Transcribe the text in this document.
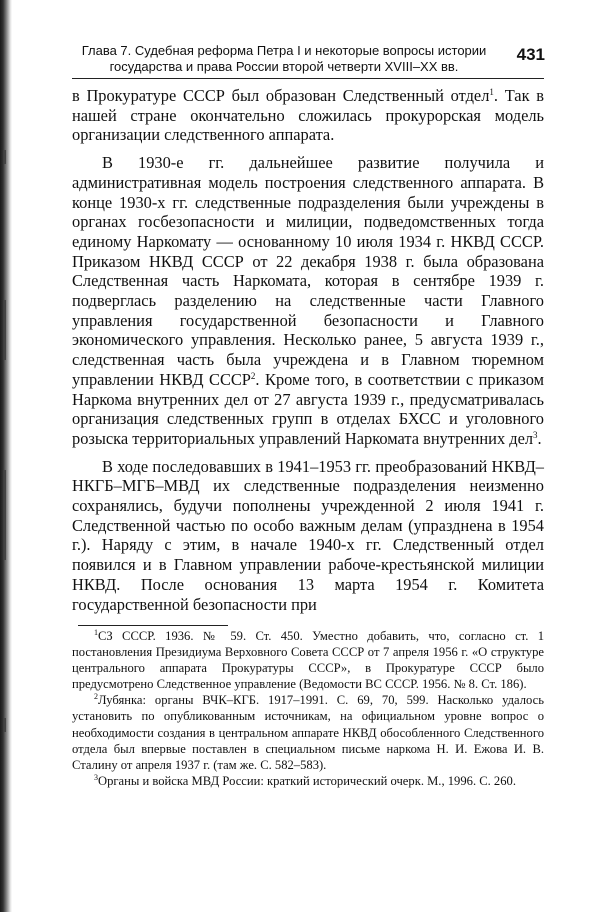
Глава 7. Судебная реформа Петра I и некоторые вопросы истории
государства и права России второй четверти XVIII–XX вв.
431

в Прокуратуре СССР был образован Следственный отдел$^1$. Так в нашей стране окончательно сложилась прокурорская модель организации следственного аппарата.

В 1930-е гг. дальнейшее развитие получила и административная модель построения следственного аппарата. В конце 1930-х гг. следственные подразделения были учреждены в органах госбезопасности и милиции, подведомственных тогда единому Наркомату — основанному 10 июля 1934 г. НКВД СССР. Приказом НКВД СССР от 22 декабря 1938 г. была образована Следственная часть Наркомата, которая в сентябре 1939 г. подверглась разделению на следственные части Главного управления государственной безопасности и Главного экономического управления. Несколько ранее, 5 августа 1939 г., следственная часть была учреждена и в Главном тюремном управлении НКВД СССР$^2$. Кроме того, в соответствии с приказом Наркома внутренних дел от 27 августа 1939 г., предусматривалась организация следственных групп в отделах БХСС и уголовного розыска территориальных управлений Наркомата внутренних дел$^3$.

В ходе последовавших в 1941–1953 гг. преобразований НКВД–НКГБ–МГБ–МВД их следственные подразделения неизменно сохранялись, будучи пополнены учрежденной 2 июля 1941 г. Следственной частью по особо важным делам (упразднена в 1954 г.). Наряду с этим, в начале 1940-х гг. Следственный отдел появился и в Главном управлении рабоче-крестьянской милиции НКВД. После основания 13 марта 1954 г. Комитета государственной безопасности при

$^1$СЗ СССР. 1936. № 59. Ст. 450. Уместно добавить, что, согласно ст. 1 постановления Президиума Верховного Совета СССР от 7 апреля 1956 г. «О структуре центрального аппарата Прокуратуры СССР», в Прокуратуре СССР было предусмотрено Следственное управление (Ведомости ВС СССР. 1956. № 8. Ст. 186).

$^2$Лубянка: органы ВЧК–КГБ. 1917–1991. С. 69, 70, 599. Насколько удалось установить по опубликованным источникам, на официальном уровне вопрос о необходимости создания в центральном аппарате НКВД обособленного Следственного отдела был впервые поставлен в специальном письме наркома Н. И. Ежова И. В. Сталину от апреля 1937 г. (там же. С. 582–583).

$^3$Органы и войска МВД России: краткий исторический очерк. М., 1996. С. 260.
